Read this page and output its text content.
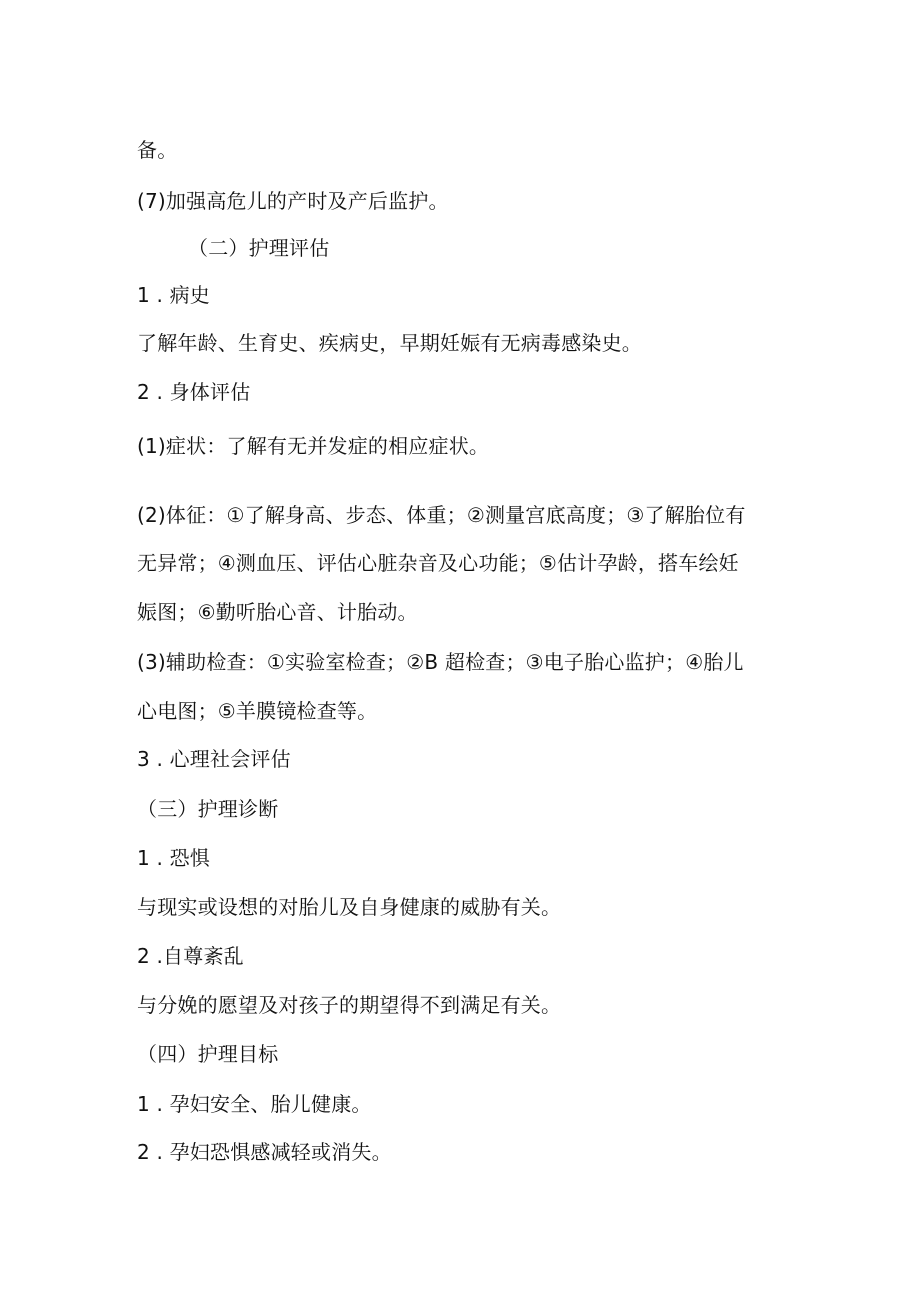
备。
(7)加强高危儿的产时及产后监护。
（二）护理评估
1 . 病史
了解年龄、生育史、疾病史，早期妊娠有无病毒感染史。
2 . 身体评估
(1)症状：了解有无并发症的相应症状。
(2)体征：①了解身高、步态、体重；②测量宫底高度；③了解胎位有
无异常；④测血压、评估心脏杂音及心功能；⑤估计孕龄，搭车绘妊
娠图；⑥勤听胎心音、计胎动。
(3)辅助检查：①实验室检查；②B 超检查；③电子胎心监护；④胎儿
心电图；⑤羊膜镜检查等。
3 . 心理社会评估
（三）护理诊断
1 . 恐惧
与现实或设想的对胎儿及自身健康的威胁有关。
2 .自尊紊乱
与分娩的愿望及对孩子的期望得不到满足有关。
（四）护理目标
1 . 孕妇安全、胎儿健康。
2 . 孕妇恐惧感减轻或消失。
